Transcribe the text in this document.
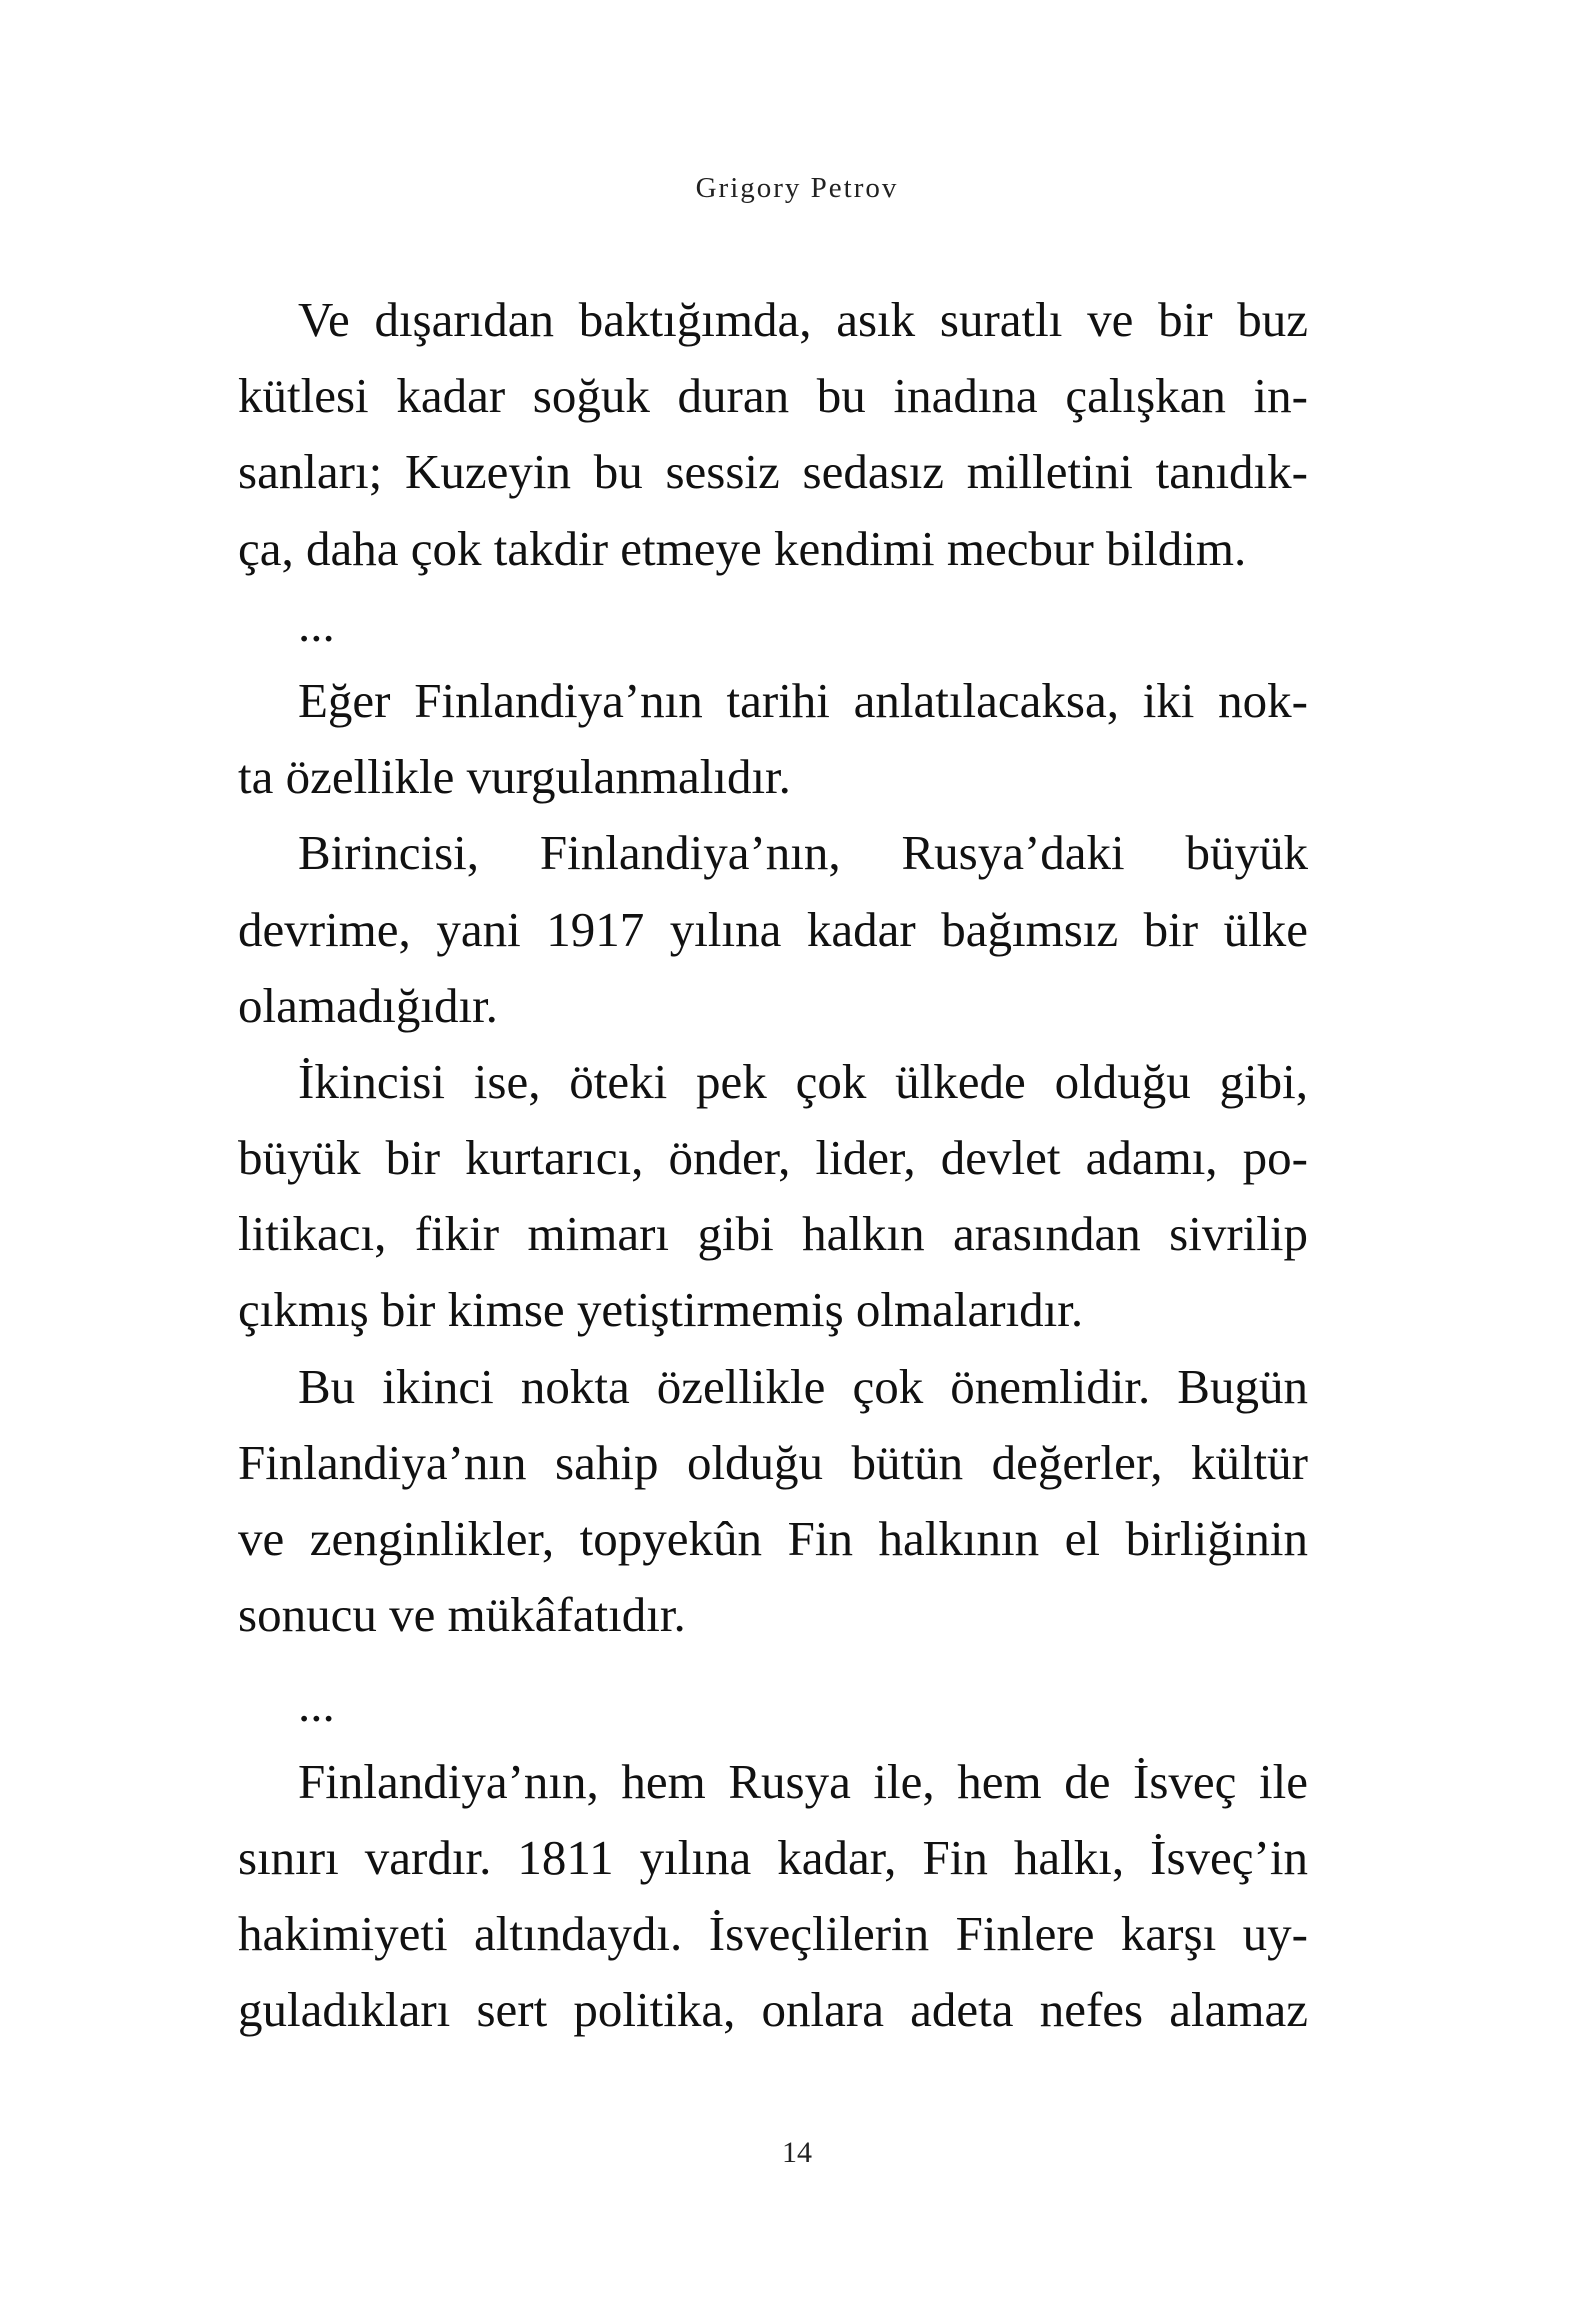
Grigory Petrov
Ve dışarıdan baktığımda, asık suratlı ve bir buz
kütlesi kadar soğuk duran bu inadına çalışkan in-
sanları; Kuzeyin bu sessiz sedasız milletini tanıdık-
ça, daha çok takdir etmeye kendimi mecbur bildim.
...
Eğer Finlandiya’nın tarihi anlatılacaksa, iki nok-
ta özellikle vurgulanmalıdır.
Birincisi, Finlandiya’nın, Rusya’daki büyük
devrime, yani 1917 yılına kadar bağımsız bir ülke
olamadığıdır.
İkincisi ise, öteki pek çok ülkede olduğu gibi,
büyük bir kurtarıcı, önder, lider, devlet adamı, po-
litikacı, fikir mimarı gibi halkın arasından sivrilip
çıkmış bir kimse yetiştirmemiş olmalarıdır.
Bu ikinci nokta özellikle çok önemlidir. Bugün
Finlandiya’nın sahip olduğu bütün değerler, kültür
ve zenginlikler, topyekûn Fin halkının el birliğinin
sonucu ve mükâfatıdır.
...
Finlandiya’nın, hem Rusya ile, hem de İsveç ile
sınırı vardır. 1811 yılına kadar, Fin halkı, İsveç’in
hakimiyeti altındaydı. İsveçlilerin Finlere karşı uy-
guladıkları sert politika, onlara adeta nefes alamaz
14
